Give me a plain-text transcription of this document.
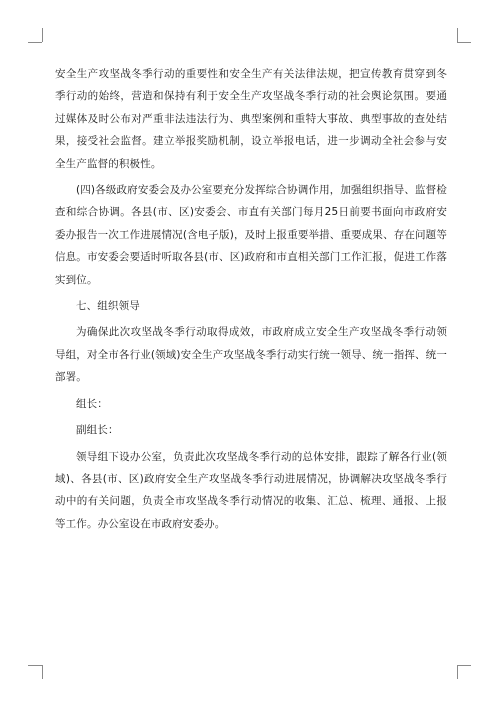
安全生产攻坚战冬季行动的重要性和安全生产有关法律法规，把宣传教育贯穿到冬季行动的始终，营造和保持有利于安全生产攻坚战冬季行动的社会舆论氛围。要通过媒体及时公布对严重非法违法行为、典型案例和重特大事故、典型事故的查处结果，接受社会监督。建立举报奖励机制，设立举报电话，进一步调动全社会参与安全生产监督的积极性。

(四)各级政府安委会及办公室要充分发挥综合协调作用，加强组织指导、监督检查和综合协调。各县(市、区)安委会、市直有关部门每月25日前要书面向市政府安委办报告一次工作进展情况(含电子版)，及时上报重要举措、重要成果、存在问题等信息。市安委会要适时听取各县(市、区)政府和市直相关部门工作汇报，促进工作落实到位。

七、组织领导

为确保此次攻坚战冬季行动取得成效，市政府成立安全生产攻坚战冬季行动领导组，对全市各行业(领域)安全生产攻坚战冬季行动实行统一领导、统一指挥、统一部署。

组长：

副组长：

领导组下设办公室，负责此次攻坚战冬季行动的总体安排，跟踪了解各行业(领域)、各县(市、区)政府安全生产攻坚战冬季行动进展情况，协调解决攻坚战冬季行动中的有关问题，负责全市攻坚战冬季行动情况的收集、汇总、梳理、通报、上报等工作。办公室设在市政府安委办。
